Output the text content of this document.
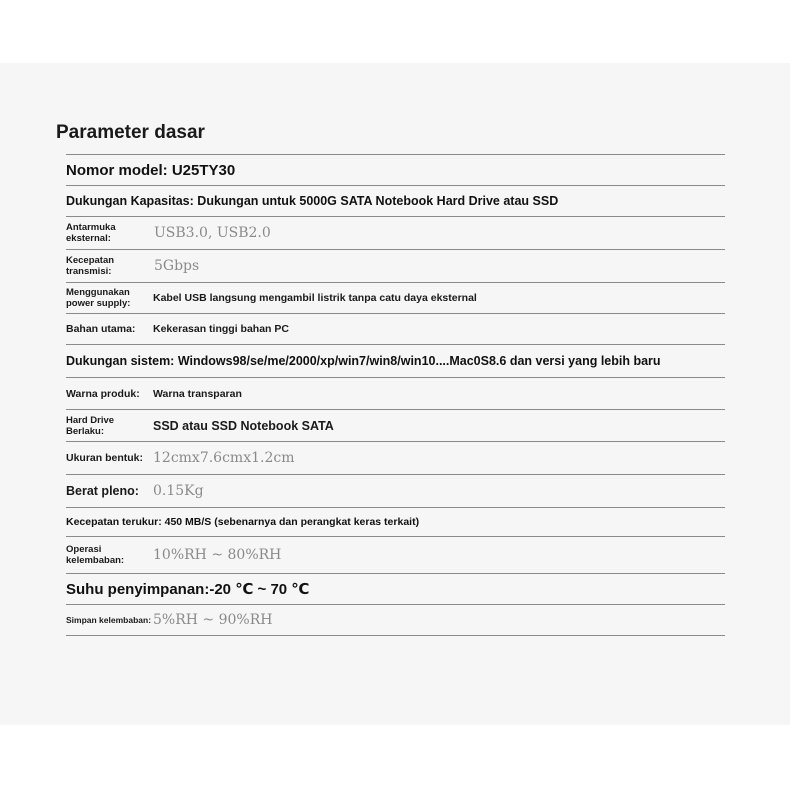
Parameter dasar
Nomor model: U25TY30
Dukungan Kapasitas: Dukungan untuk 5000G SATA Notebook Hard Drive atau SSD
Antarmuka eksternal:	USB3.0, USB2.0
Kecepatan transmisi:	5Gbps
Menggunakan power supply:	Kabel USB langsung mengambil listrik tanpa catu daya eksternal
Bahan utama:	Kekerasan tinggi bahan PC
Dukungan sistem: Windows98/se/me/2000/xp/win7/win8/win10....Mac0S8.6 dan versi yang lebih baru
Warna produk:	Warna transparan
Hard Drive Berlaku:	SSD atau SSD Notebook SATA
Ukuran bentuk: 12cmx7.6cmx1.2cm
Berat pleno:	0.15Kg
Kecepatan terukur: 450 MB/S (sebenarnya dan perangkat keras terkait)
Operasi kelembaban:	10%RH ~ 80%RH
Suhu penyimpanan:-20 ℃ ~ 70 ℃
Simpan kelembaban: 5%RH ~ 90%RH
